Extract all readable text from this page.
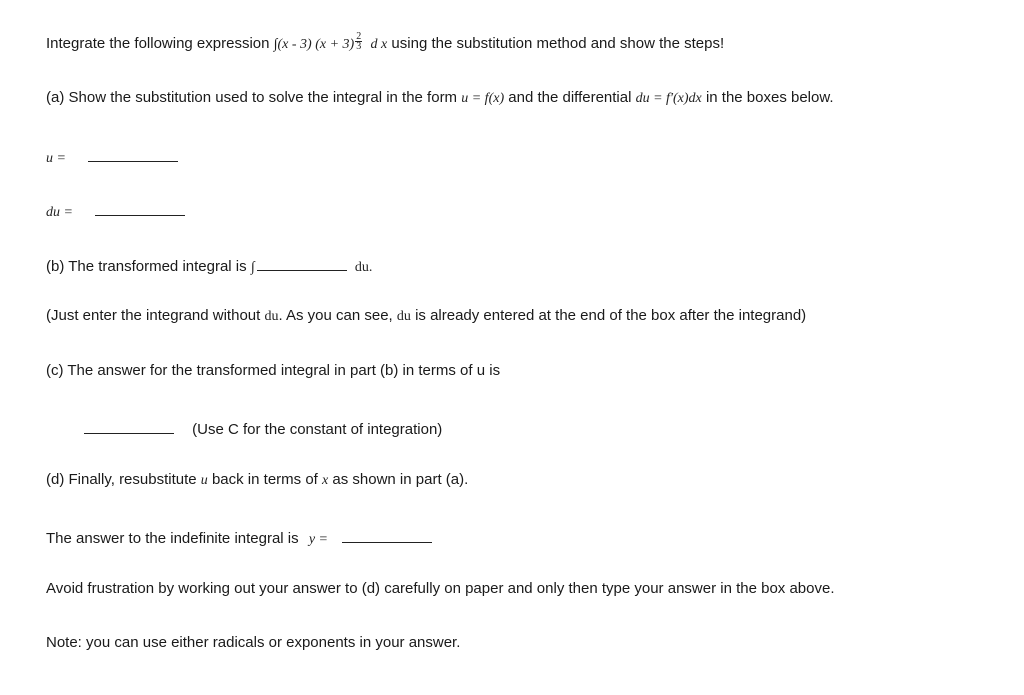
Integrate the following expression ∫(x - 3) $(x + 3) \frac{2}{3}$ d x using the substitution method and show the steps!
(a) Show the substitution used to solve the integral in the form u = f(x) and the differential du = f′(x)dx in the boxes below.
u =
du =
(b) The transformed integral is ∫	du.
(Just enter the integrand without du. As you can see, du is already entered at the end of the box after the integrand)
(c) The answer for the transformed integral in part (b) in terms of u is
(Use C for the constant of integration)
(d) Finally, resubstitute u back in terms of x as shown in part (a).
The answer to the indefinite integral is y =
Avoid frustration by working out your answer to (d) carefully on paper and only then type your answer in the box above.
Note: you can use either radicals or exponents in your answer.
